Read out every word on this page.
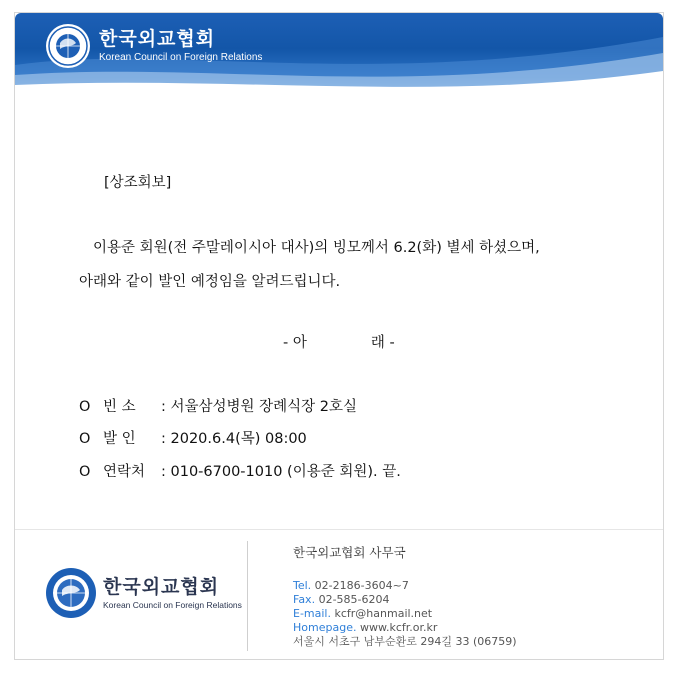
한국외교협회
Korean Council on Foreign Relations
[상조회보]
이용준 회원(전 주말레이시아 대사)의 빙모께서 6.2(화) 별세 하셨으며,
아래와 같이 발인 예정임을 알려드립니다.
- 아	래 -
O 빈 소 : 서울삼성병원 장례식장 2호실
O 발 인 : 2020.6.4(목) 08:00
O 연락처 : 010-6700-1010 (이용준 회원). 끝.
한국외교협회
Korean Council on Foreign Relations
한국외교협회 사무국
Tel. 02-2186-3604~7
Fax. 02-585-6204
E-mail. kcfr@hanmail.net
Homepage. www.kcfr.or.kr
서울시 서초구 남부순환로 294길 33 (06759)
